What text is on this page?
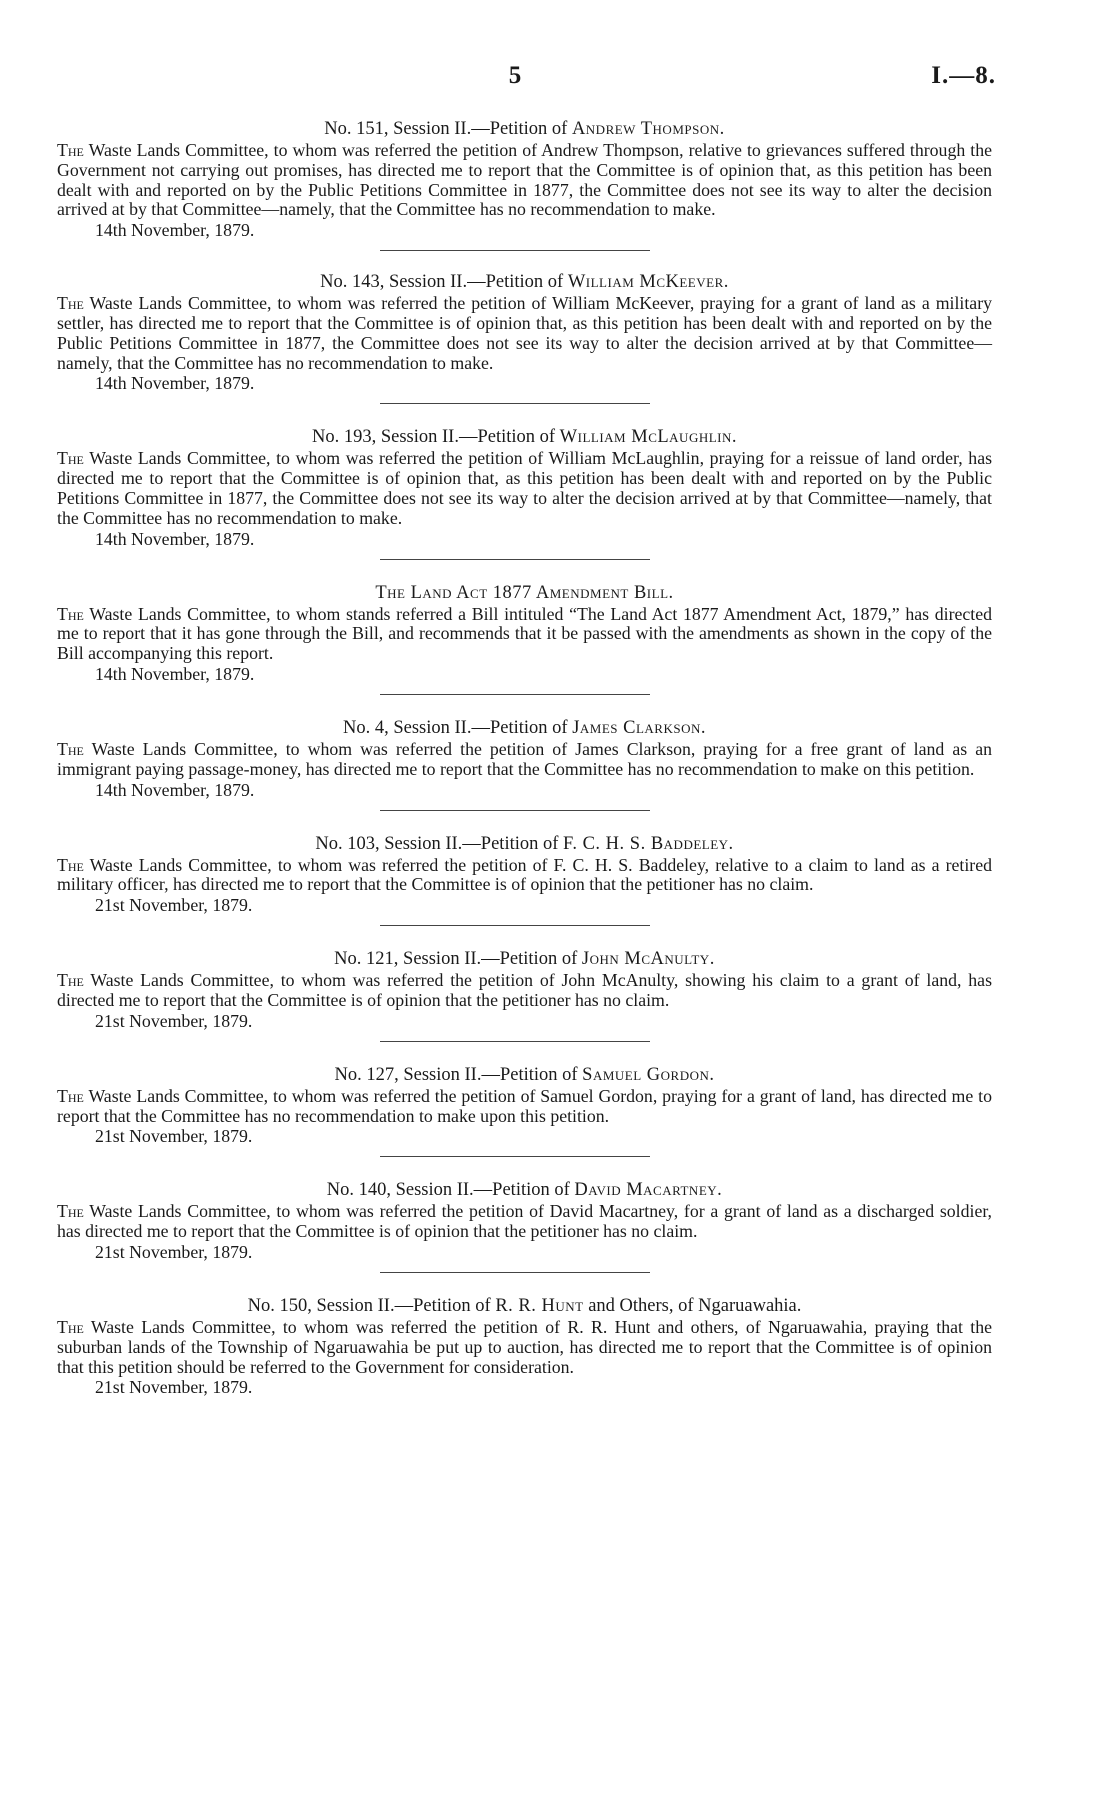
5	I.—8.

No. 151, Session II.—Petition of Andrew Thompson.

The Waste Lands Committee, to whom was referred the petition of Andrew Thompson, relative to grievances suffered through the Government not carrying out promises, has directed me to report that the Committee is of opinion that, as this petition has been dealt with and reported on by the Public Petitions Committee in 1877, the Committee does not see its way to alter the decision arrived at by that Committee—namely, that the Committee has no recommendation to make.

14th November, 1879.

No. 143, Session II.—Petition of William McKeever.

The Waste Lands Committee, to whom was referred the petition of William McKeever, praying for a grant of land as a military settler, has directed me to report that the Committee is of opinion that, as this petition has been dealt with and reported on by the Public Petitions Committee in 1877, the Committee does not see its way to alter the decision arrived at by that Committee—namely, that the Committee has no recommendation to make.

14th November, 1879.

No. 193, Session II.—Petition of William McLaughlin.

The Waste Lands Committee, to whom was referred the petition of William McLaughlin, praying for a reissue of land order, has directed me to report that the Committee is of opinion that, as this petition has been dealt with and reported on by the Public Petitions Committee in 1877, the Committee does not see its way to alter the decision arrived at by that Committee—namely, that the Committee has no recommendation to make.

14th November, 1879.

The Land Act 1877 Amendment Bill.

The Waste Lands Committee, to whom stands referred a Bill intituled “The Land Act 1877 Amendment Act, 1879,” has directed me to report that it has gone through the Bill, and recommends that it be passed with the amendments as shown in the copy of the Bill accompanying this report.

14th November, 1879.

No. 4, Session II.—Petition of James Clarkson.

The Waste Lands Committee, to whom was referred the petition of James Clarkson, praying for a free grant of land as an immigrant paying passage-money, has directed me to report that the Committee has no recommendation to make on this petition.

14th November, 1879.

No. 103, Session II.—Petition of F. C. H. S. Baddeley.

The Waste Lands Committee, to whom was referred the petition of F. C. H. S. Baddeley, relative to a claim to land as a retired military officer, has directed me to report that the Committee is of opinion that the petitioner has no claim.

21st November, 1879.

No. 121, Session II.—Petition of John McAnulty.

The Waste Lands Committee, to whom was referred the petition of John McAnulty, showing his claim to a grant of land, has directed me to report that the Committee is of opinion that the petitioner has no claim.

21st November, 1879.

No. 127, Session II.—Petition of Samuel Gordon.

The Waste Lands Committee, to whom was referred the petition of Samuel Gordon, praying for a grant of land, has directed me to report that the Committee has no recommendation to make upon this petition.

21st November, 1879.

No. 140, Session II.—Petition of David Macartney.

The Waste Lands Committee, to whom was referred the petition of David Macartney, for a grant of land as a discharged soldier, has directed me to report that the Committee is of opinion that the petitioner has no claim.

21st November, 1879.

No. 150, Session II.—Petition of R. R. Hunt and Others, of Ngaruawahia.

The Waste Lands Committee, to whom was referred the petition of R. R. Hunt and others, of Ngaruawahia, praying that the suburban lands of the Township of Ngaruawahia be put up to auction, has directed me to report that the Committee is of opinion that this petition should be referred to the Government for consideration.

21st November, 1879.
